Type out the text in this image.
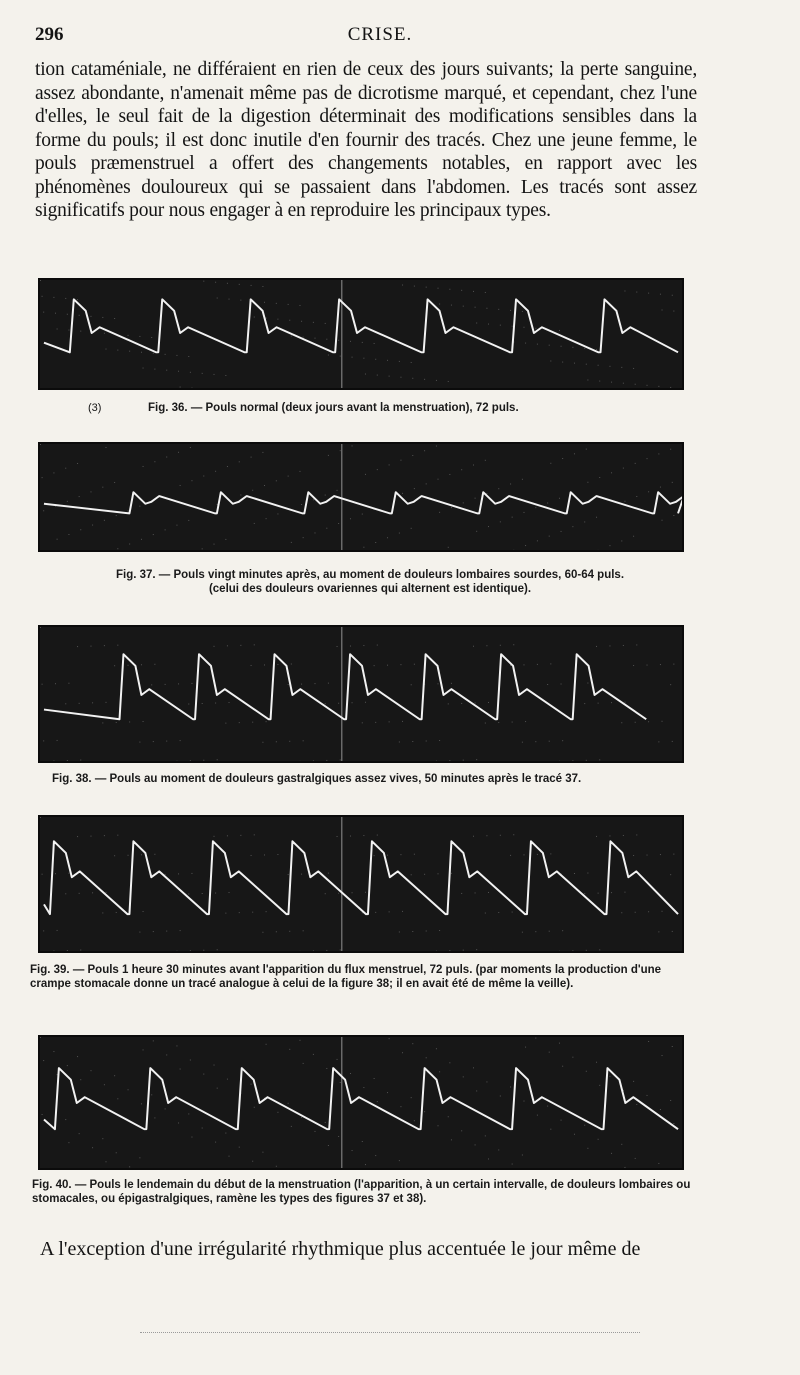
296	CRISE.

tion cataméniale, ne différaient en rien de ceux des jours suivants; la perte sanguine, assez abondante, n'amenait même pas de dicrotisme marqué, et cependant, chez l'une d'elles, le seul fait de la digestion déterminait des modifications sensibles dans la forme du pouls; il est donc inutile d'en fournir des tracés. Chez une jeune femme, le pouls præmenstruel a offert des changements notables, en rapport avec les phénomènes douloureux qui se passaient dans l'abdomen. Les tracés sont assez significatifs pour nous engager à en reproduire les principaux types.

(3)	Fig. 36. — Pouls normal (deux jours avant la menstruation), 72 puls.

Fig. 37. — Pouls vingt minutes après, au moment de douleurs lombaires sourdes, 60-64 puls.
(celui des douleurs ovariennes qui alternent est identique).

Fig. 38. — Pouls au moment de douleurs gastralgiques assez vives, 50 minutes après le tracé 37.

Fig. 39. — Pouls 1 heure 30 minutes avant l'apparition du flux menstruel, 72 puls. (par moments la production d'une crampe stomacale donne un tracé analogue à celui de la figure 38; il en avait été de même la veille).

Fig. 40. — Pouls le lendemain du début de la menstruation (l'apparition, à un certain intervalle, de douleurs lombaires ou stomacales, ou épigastralgiques, ramène les types des figures 37 et 38).

A l'exception d'une irrégularité rhythmique plus accentuée le jour même de
